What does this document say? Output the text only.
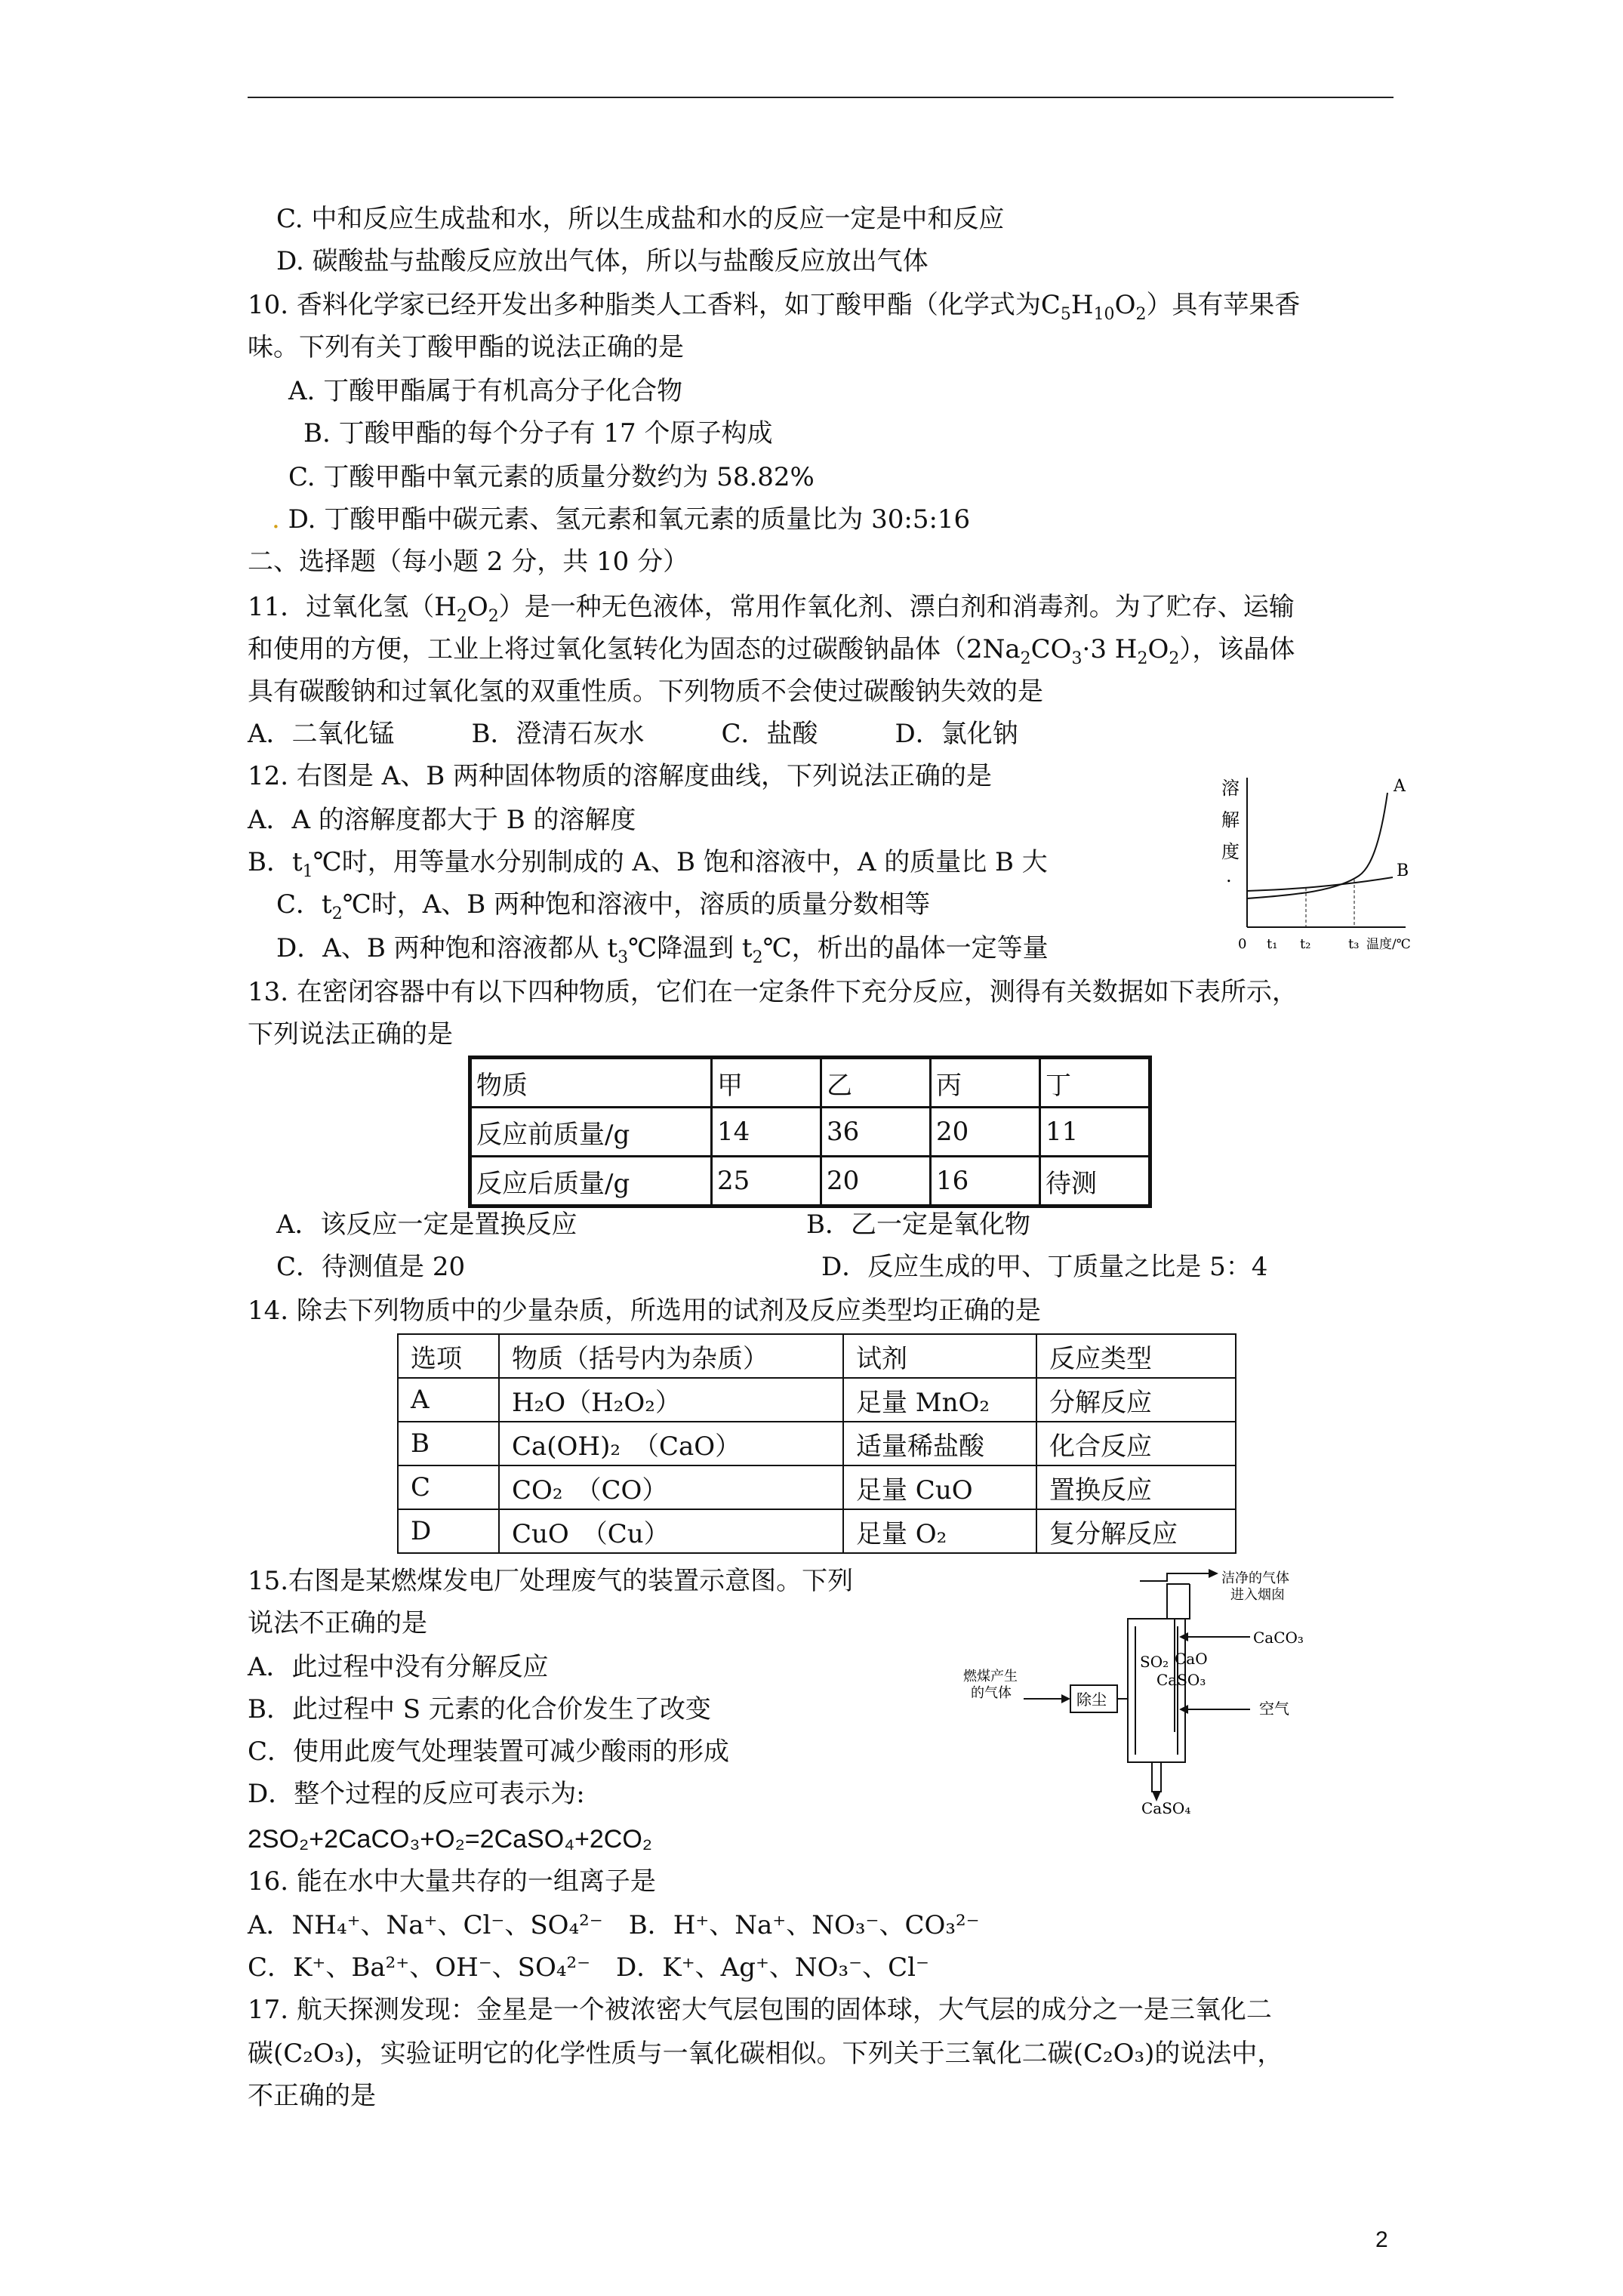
C. 中和反应生成盐和水，所以生成盐和水的反应一定是中和反应
D. 碳酸盐与盐酸反应放出气体，所以与盐酸反应放出气体
10. 香料化学家已经开发出多种脂类人工香料，如丁酸甲酯（化学式为$C_5H_{10}O_2$）具有苹果香
味。下列有关丁酸甲酯的说法正确的是
A. 丁酸甲酯属于有机高分子化合物
B. 丁酸甲酯的每个分子有 17 个原子构成
C. 丁酸甲酯中氧元素的质量分数约为 58.82%
. D. 丁酸甲酯中碳元素、氢元素和氧元素的质量比为 30:5:16
二、选择题（每小题 2 分，共 10 分）
11．过氧化氢$(H_2O_2)$是一种无色液体，常用作氧化剂、漂白剂和消毒剂。为了贮存、运输
和使用的方便，工业上将过氧化氢转化为固态的过碳酸钠晶体（$2Na_2CO_3\cdot 3$ $H_2O_2$），该晶体
具有碳酸钠和过氧化氢的双重性质。下列物质不会使过碳酸钠失效的是
A．二氧化锰　　　B．澄清石灰水　　　C．盐酸　　　D．氯化钠
12. 右图是 A、B 两种固体物质的溶解度曲线，下列说法正确的是
A．A 的溶解度都大于 B 的溶解度
B．$t_1℃$时，用等量水分别制成的 A、B 饱和溶液中，A 的质量比 B 大
C．$t_2℃$时，A、B 两种饱和溶液中，溶质的质量分数相等
D．A、B 两种饱和溶液都从 $t_3℃$降温到 $t_2℃$，析出的晶体一定等量
溶
解
度
.
A
B
0 t₁ t₂	t₃ 温度/℃
13. 在密闭容器中有以下四种物质，它们在一定条件下充分反应，测得有关数据如下表所示，
下列说法正确的是
物质	甲	乙	丙	丁
反应前质量/g	14	36	20	11
反应后质量/g	25	20	16	待测
A．该反应一定是置换反应	B．乙一定是氧化物
C．待测值是 20	D．反应生成的甲、丁质量之比是 5：4
14. 除去下列物质中的少量杂质，所选用的试剂及反应类型均正确的是
选项	物质（括号内为杂质）	试剂	反应类型
A	H₂O（H₂O₂）	足量 MnO₂	分解反应
B	Ca(OH)₂　（CaO）	适量稀盐酸	化合反应
C	CO₂　（CO）	足量 CuO	置换反应
D	CuO　（Cu）	足量 O₂	复分解反应
15.右图是某燃煤发电厂处理废气的装置示意图。下列
说法不正确的是
A．此过程中没有分解反应
B．此过程中 S 元素的化合价发生了改变
C．使用此废气处理装置可减少酸雨的形成
D．整个过程的反应可表示为:
2SO₂+2CaCO₃+O₂=2CaSO₄+2CO₂
洁净的气体
进入烟囱
CaCO₃
SO₂ CaO
CaSO₃
燃煤产生
的气体	除尘	空气
CaSO₄
16. 能在水中大量共存的一组离子是
A．NH₄⁺、Na⁺、Cl⁻、SO₄²⁻　B．H⁺、Na⁺、NO₃⁻、CO₃²⁻
C．K⁺、Ba²⁺、OH⁻、SO₄²⁻　D．K⁺、Ag⁺、NO₃⁻、Cl⁻
17. 航天探测发现：金星是一个被浓密大气层包围的固体球，大气层的成分之一是三氧化二
碳(C₂O₃)，实验证明它的化学性质与一氧化碳相似。下列关于三氧化二碳(C₂O₃)的说法中，
不正确的是
2
